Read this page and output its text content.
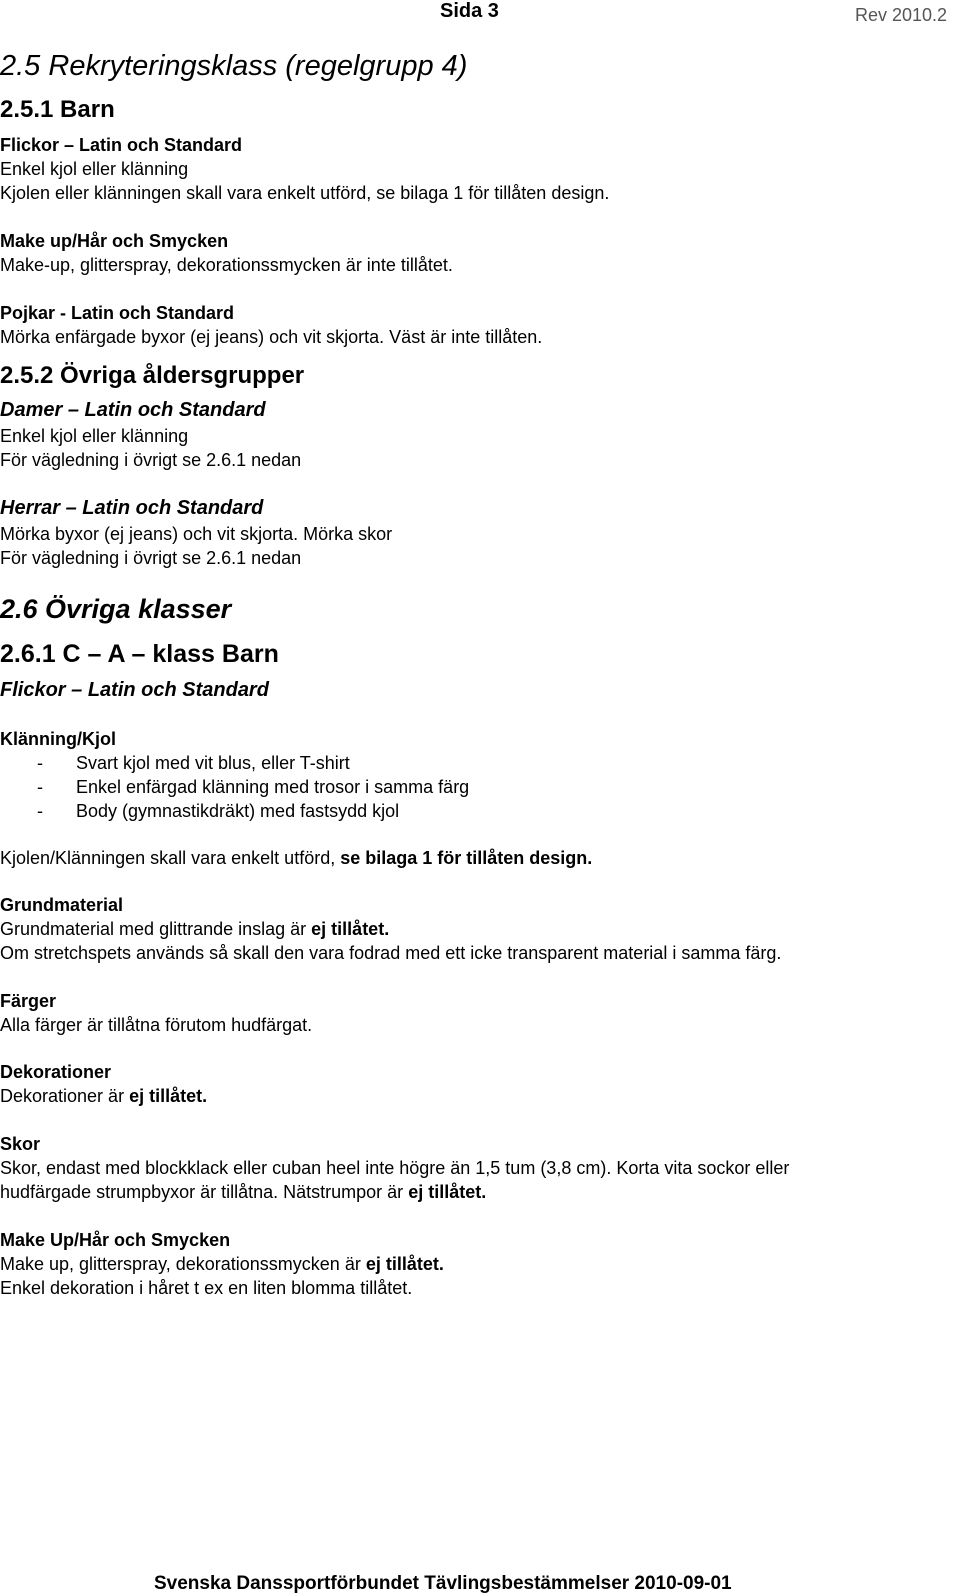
Sida 3	Rev 2010.2
2.5 Rekryteringsklass (regelgrupp 4)
2.5.1 Barn
Flickor – Latin och Standard
Enkel kjol eller klänning
Kjolen eller klänningen skall vara enkelt utförd, se bilaga 1 för tillåten design.
Make up/Hår och Smycken
Make-up, glitterspray, dekorationssmycken är inte tillåtet.
Pojkar - Latin och Standard
Mörka enfärgade byxor (ej jeans) och vit skjorta. Väst är inte tillåten.
2.5.2 Övriga åldersgrupper
Damer – Latin och Standard
Enkel kjol eller klänning
För vägledning i övrigt se 2.6.1 nedan
Herrar – Latin och Standard
Mörka byxor (ej jeans) och vit skjorta. Mörka skor
För vägledning i övrigt se 2.6.1 nedan
2.6 Övriga klasser
2.6.1 C – A – klass Barn
Flickor – Latin och Standard
Klänning/Kjol
- Svart kjol med vit blus, eller T-shirt
- Enkel enfärgad klänning med trosor i samma färg
- Body (gymnastikdräkt) med fastsydd kjol
Kjolen/Klänningen skall vara enkelt utförd, se bilaga 1 för tillåten design.
Grundmaterial
Grundmaterial med glittrande inslag är ej tillåtet.
Om stretchspets används så skall den vara fodrad med ett icke transparent material i samma färg.
Färger
Alla färger är tillåtna förutom hudfärgat.
Dekorationer
Dekorationer är ej tillåtet.
Skor
Skor, endast med blockklack eller cuban heel inte högre än 1,5 tum (3,8 cm). Korta vita sockor eller
hudfärgade strumpbyxor är tillåtna. Nätstrumpor är ej tillåtet.
Make Up/Hår och Smycken
Make up, glitterspray, dekorationssmycken är ej tillåtet.
Enkel dekoration i håret t ex en liten blomma tillåtet.
Svenska Danssportförbundet Tävlingsbestämmelser 2010-09-01
